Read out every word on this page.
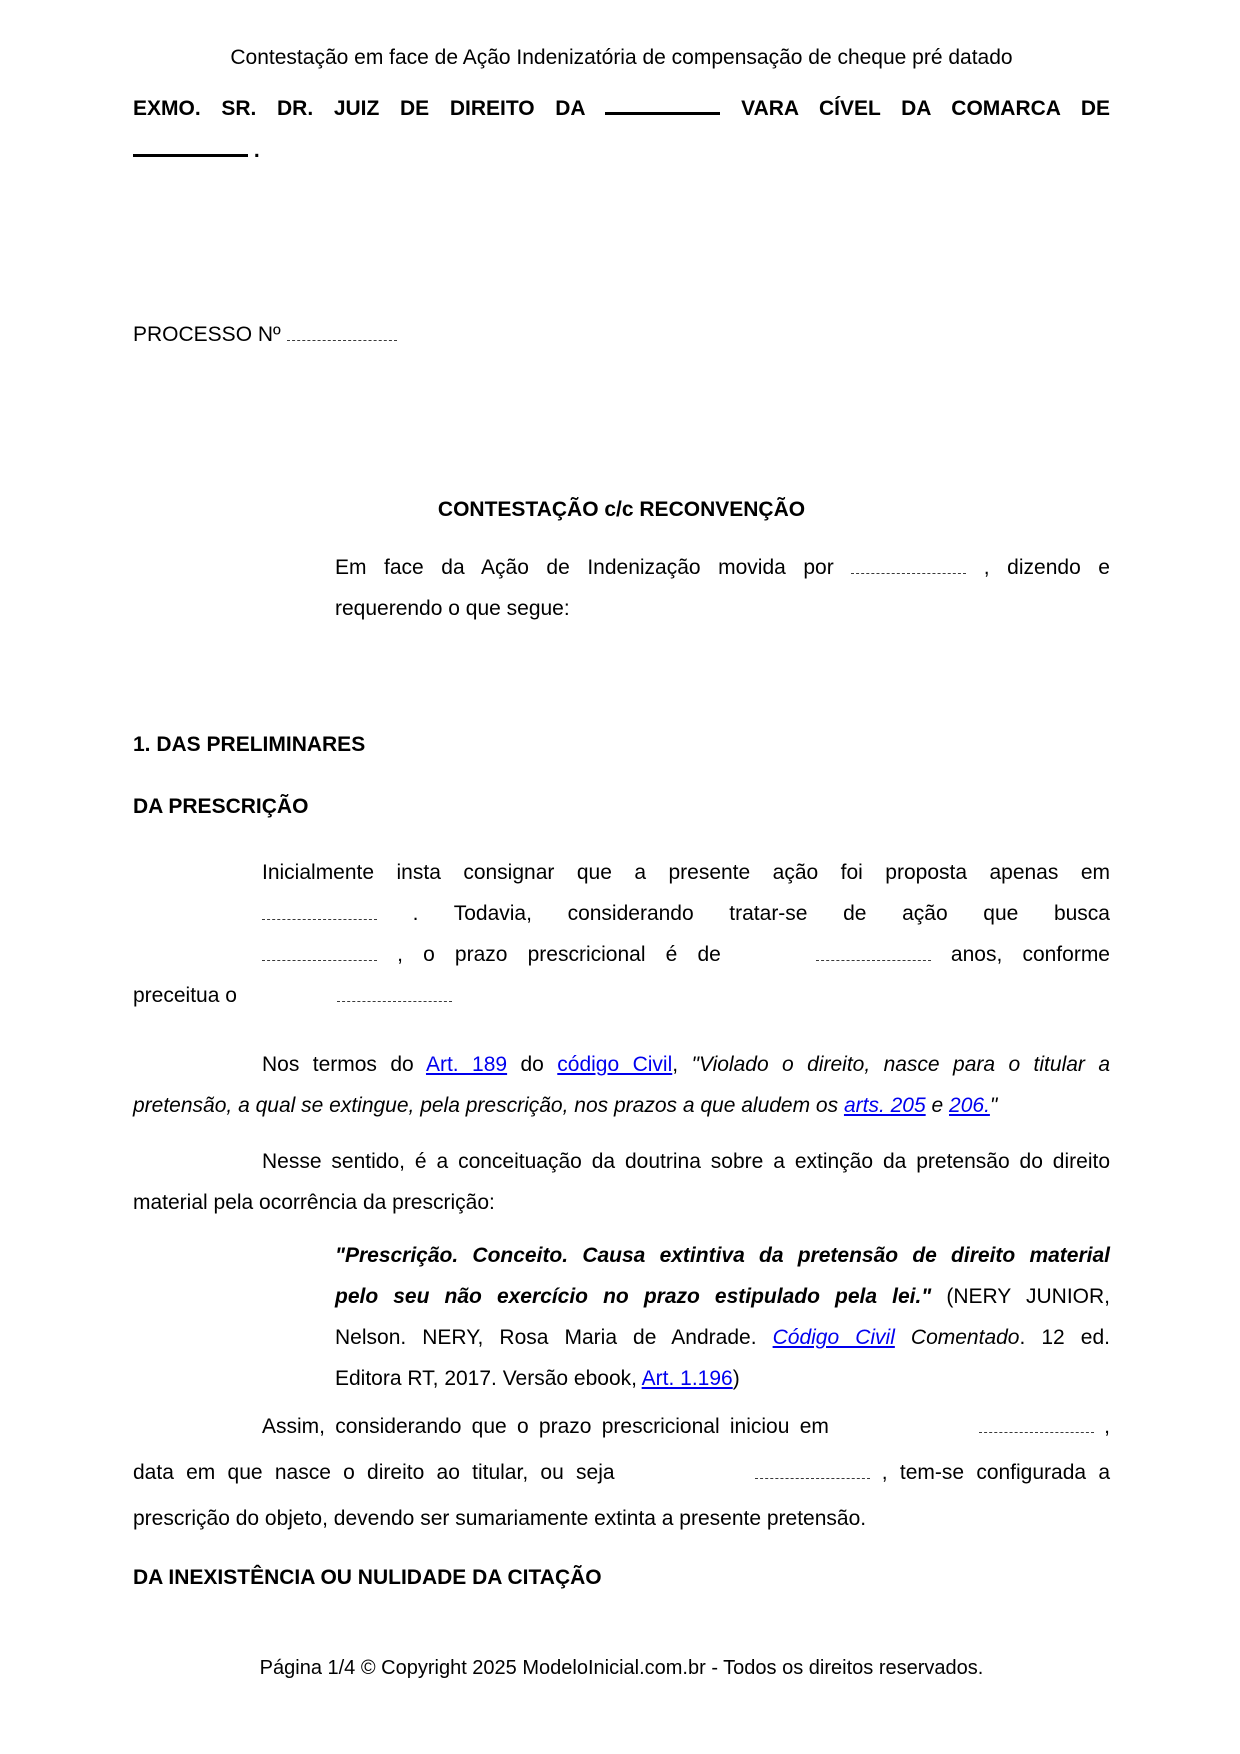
Contestação em face de Ação Indenizatória de compensação de cheque pré datado
EXMO. SR. DR. JUIZ DE DIREITO DA	VARA CÍVEL DA COMARCA DE
.
PROCESSO Nº
CONTESTAÇÃO c/c RECONVENÇÃO
Em face da Ação de Indenização movida por	, dizendo e
requerendo o que segue:
1. DAS PRELIMINARES
DA PRESCRIÇÃO
Inicialmente insta consignar que a presente ação foi proposta apenas em
. Todavia, considerando tratar-se de ação que busca
, o prazo prescricional é de	anos, conforme
preceitua o
Nos termos do Art. 189 do código Civil, "Violado o direito, nasce para o titular a
pretensão, a qual se extingue, pela prescrição, nos prazos a que aludem os arts. 205 e 206."
Nesse sentido, é a conceituação da doutrina sobre a extinção da pretensão do direito
material pela ocorrência da prescrição:
"Prescrição. Conceito. Causa extintiva da pretensão de direito material
pelo seu não exercício no prazo estipulado pela lei." (NERY JUNIOR,
Nelson. NERY, Rosa Maria de Andrade. Código Civil Comentado. 12 ed.
Editora RT, 2017. Versão ebook, Art. 1.196)
Assim, considerando que o prazo prescricional iniciou em	,
data em que nasce o direito ao titular, ou seja	, tem-se configurada a
prescrição do objeto, devendo ser sumariamente extinta a presente pretensão.
DA INEXISTÊNCIA OU NULIDADE DA CITAÇÃO
Página 1/4 © Copyright 2025 ModeloInicial.com.br - Todos os direitos reservados.
